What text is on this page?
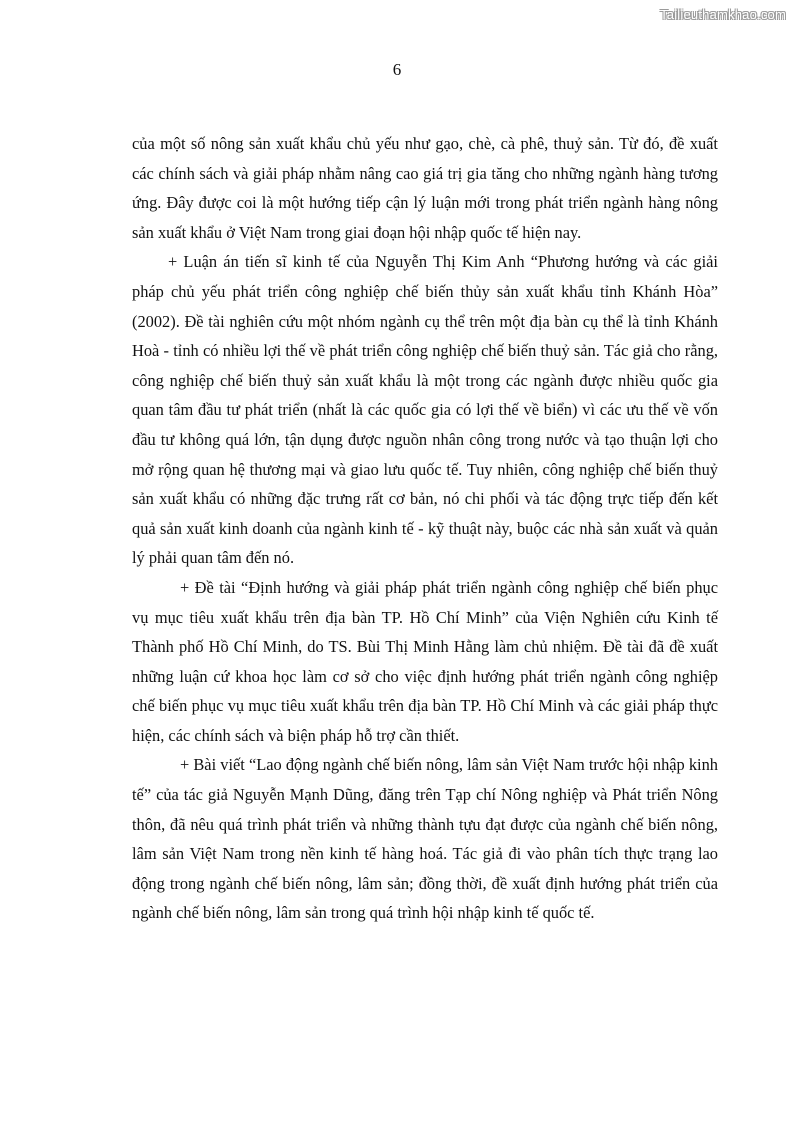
Tailieuthamkhao.com
6

của một số nông sản xuất khẩu chủ yếu như gạo, chè, cà phê, thuỷ sản. Từ đó, đề xuất các chính sách và giải pháp nhằm nâng cao giá trị gia tăng cho những ngành hàng tương ứng. Đây được coi là một hướng tiếp cận lý luận mới trong phát triển ngành hàng nông sản xuất khẩu ở Việt Nam trong giai đoạn hội nhập quốc tế hiện nay.

+ Luận án tiến sĩ kinh tế của Nguyễn Thị Kim Anh “Phương hướng và các giải pháp chủ yếu phát triển công nghiệp chế biến thủy sản xuất khẩu tỉnh Khánh Hòa” (2002). Đề tài nghiên cứu một nhóm ngành cụ thể trên một địa bàn cụ thể là tỉnh Khánh Hoà - tỉnh có nhiều lợi thế về phát triển công nghiệp chế biến thuỷ sản. Tác giả cho rằng, công nghiệp chế biến thuỷ sản xuất khẩu là một trong các ngành được nhiều quốc gia quan tâm đầu tư phát triển (nhất là các quốc gia có lợi thế về biển) vì các ưu thế về vốn đầu tư không quá lớn, tận dụng được nguồn nhân công trong nước và tạo thuận lợi cho mở rộng quan hệ thương mại và giao lưu quốc tế. Tuy nhiên, công nghiệp chế biến thuỷ sản xuất khẩu có những đặc trưng rất cơ bản, nó chi phối và tác động trực tiếp đến kết quả sản xuất kinh doanh của ngành kinh tế - kỹ thuật này, buộc các nhà sản xuất và quản lý phải quan tâm đến nó.

+ Đề tài “Định hướng và giải pháp phát triển ngành công nghiệp chế biến phục vụ mục tiêu xuất khẩu trên địa bàn TP. Hồ Chí Minh” của Viện Nghiên cứu Kinh tế Thành phố Hồ Chí Minh, do TS. Bùi Thị Minh Hằng làm chủ nhiệm. Đề tài đã đề xuất những luận cứ khoa học làm cơ sở cho việc định hướng phát triển ngành công nghiệp chế biến phục vụ mục tiêu xuất khẩu trên địa bàn TP. Hồ Chí Minh và các giải pháp thực hiện, các chính sách và biện pháp hỗ trợ cần thiết.

+ Bài viết “Lao động ngành chế biến nông, lâm sản Việt Nam trước hội nhập kinh tế” của tác giả Nguyễn Mạnh Dũng, đăng trên Tạp chí Nông nghiệp và Phát triển Nông thôn, đã nêu quá trình phát triển và những thành tựu đạt được của ngành chế biến nông, lâm sản Việt Nam trong nền kinh tế hàng hoá. Tác giả đi vào phân tích thực trạng lao động trong ngành chế biến nông, lâm sản; đồng thời, đề xuất định hướng phát triển của ngành chế biến nông, lâm sản trong quá trình hội nhập kinh tế quốc tế.
